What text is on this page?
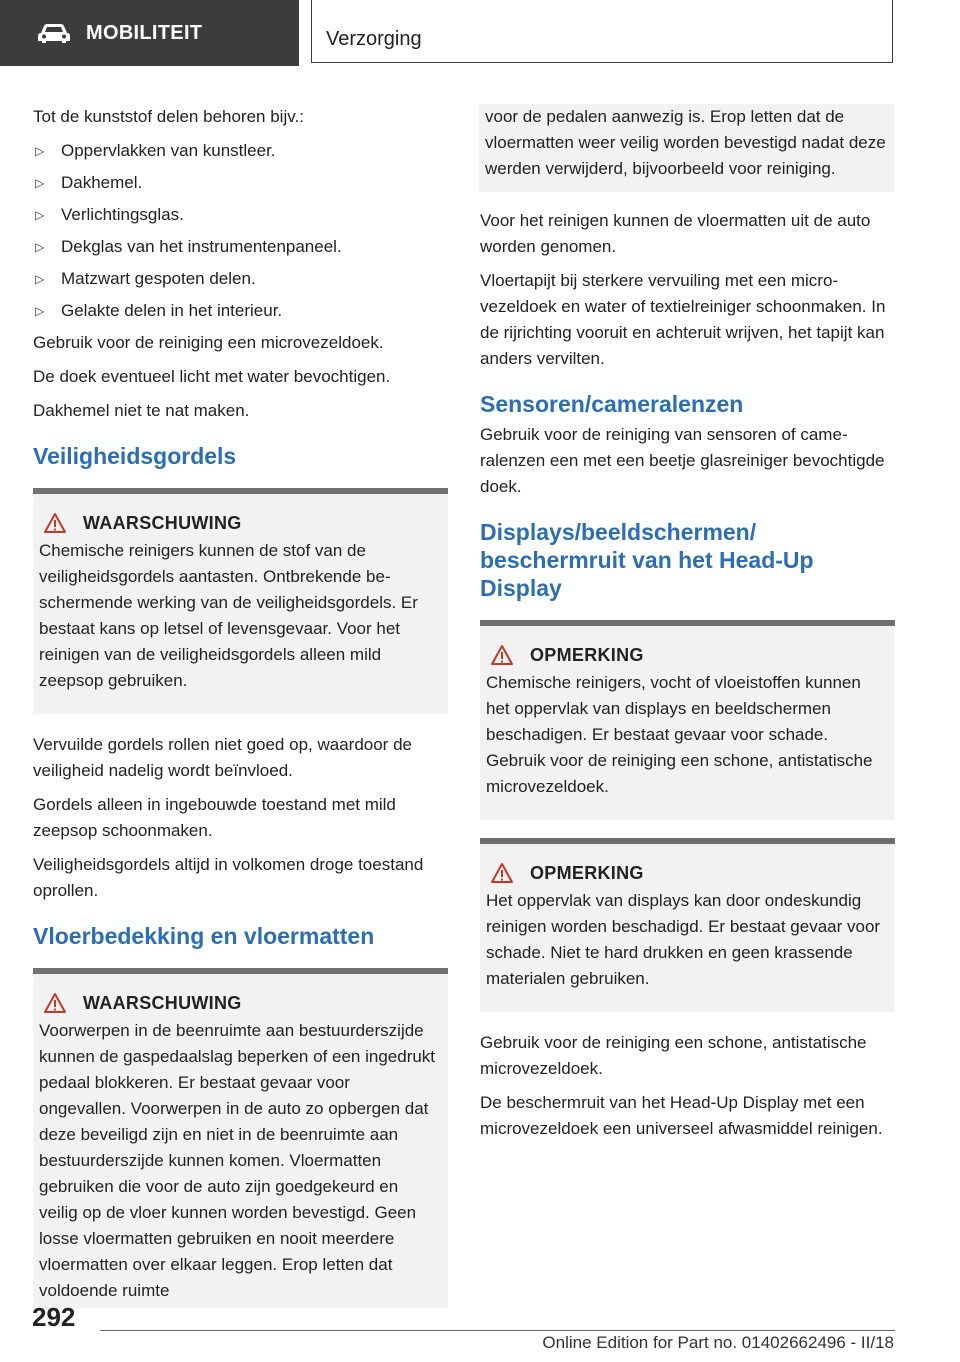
MOBILITEIT	Verzorging

Tot de kunststof delen behoren bijv.:

▷ Oppervlakken van kunstleer.
▷ Dakhemel.
▷ Verlichtingsglas.
▷ Dekglas van het instrumentenpaneel.
▷ Matzwart gespoten delen.
▷ Gelakte delen in het interieur.

Gebruik voor de reiniging een microvezeldoek.

De doek eventueel licht met water bevochtigen.

Dakhemel niet te nat maken.

Veiligheidsgordels
WAARSCHUWING

Chemische reinigers kunnen de stof van de veiligheidsgordels aantasten. Ontbrekende beschermende werking van de veiligheidsgordels. Er bestaat kans op letsel of levensgevaar. Voor het reinigen van de veiligheidsgordels alleen mild zeepsop gebruiken.

Vervuilde gordels rollen niet goed op, waardoor de veiligheid nadelig wordt beïnvloed.

Gordels alleen in ingebouwde toestand met mild zeepsop schoonmaken.

Veiligheidsgordels altijd in volkomen droge toestand oprollen.

Vloerbedekking en vloermatten
WAARSCHUWING

Voorwerpen in de beenruimte aan bestuurderszijde kunnen de gaspedaalslag beperken of een ingedrukt pedaal blokkeren. Er bestaat gevaar voor ongevallen. Voorwerpen in de auto zo opbergen dat deze beveiligd zijn en niet in de beenruimte aan bestuurderszijde kunnen komen. Vloermatten gebruiken die voor de auto zijn goedgekeurd en veilig op de vloer kunnen worden bevestigd. Geen losse vloermatten gebruiken en nooit meerdere vloermatten over elkaar leggen. Erop letten dat voldoende ruimte

voor de pedalen aanwezig is. Erop letten dat de vloermatten weer veilig worden bevestigd nadat deze werden verwijderd, bijvoorbeeld voor reiniging.

Voor het reinigen kunnen de vloermatten uit de auto worden genomen.

Vloertapijt bij sterkere vervuiling met een microvezeldoek en water of textielreiniger schoonmaken. In de rijrichting vooruit en achteruit wrijven, het tapijt kan anders vervilten.

Sensoren/cameralenzen

Gebruik voor de reiniging van sensoren of cameralenzen een met een beetje glasreiniger bevochtigde doek.

Displays/beeldschermen/ beschermruit van het Head-Up Display
OPMERKING

Chemische reinigers, vocht of vloeistoffen kunnen het oppervlak van displays en beeldschermen beschadigen. Er bestaat gevaar voor schade. Gebruik voor de reiniging een schone, antistatische microvezeldoek.

OPMERKING

Het oppervlak van displays kan door ondeskundig reinigen worden beschadigd. Er bestaat gevaar voor schade. Niet te hard drukken en geen krassende materialen gebruiken.

Gebruik voor de reiniging een schone, antistatische microvezeldoek.

De beschermruit van het Head-Up Display met een microvezeldoek een universeel afwasmiddel reinigen.

292
Online Edition for Part no. 01402662496 - II/18
